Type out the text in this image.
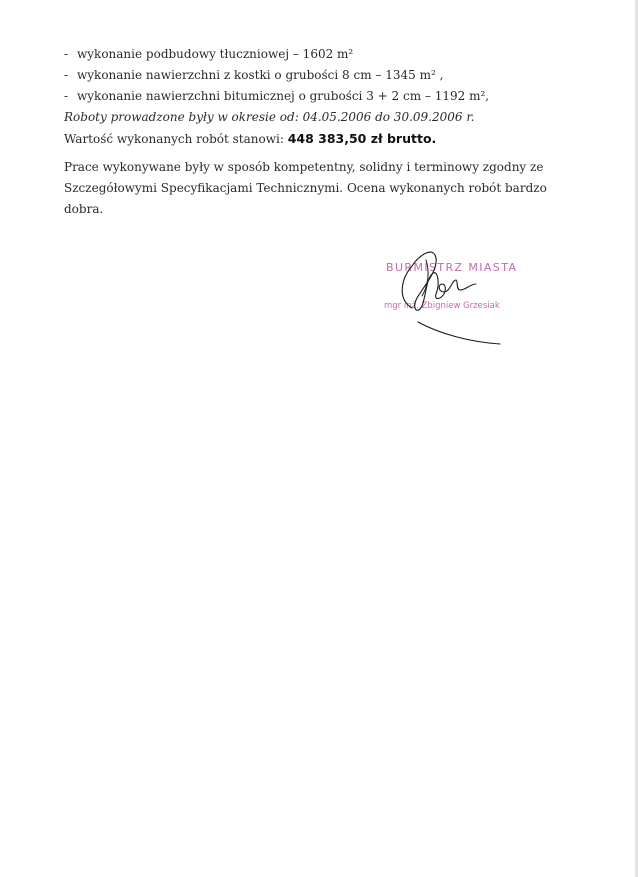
- wykonanie podbudowy tłuczniowej – 1602 m²
- wykonanie nawierzchni z kostki o grubości 8 cm – 1345 m² ,
- wykonanie nawierzchni bitumicznej o grubości 3 + 2 cm – 1192 m²,
Roboty prowadzone były w okresie od: 04.05.2006 do 30.09.2006 r.
Wartość wykonanych robót stanowi: 448 383,50 zł brutto.

Prace wykonywane były w sposób kompetentny, solidny i terminowy zgodny ze Szczegółowymi Specyfikacjami Technicznymi. Ocena wykonanych robót bardzo dobra.

BURMISTRZ MIASTA
mgr inż. Zbigniew Grzesiak
